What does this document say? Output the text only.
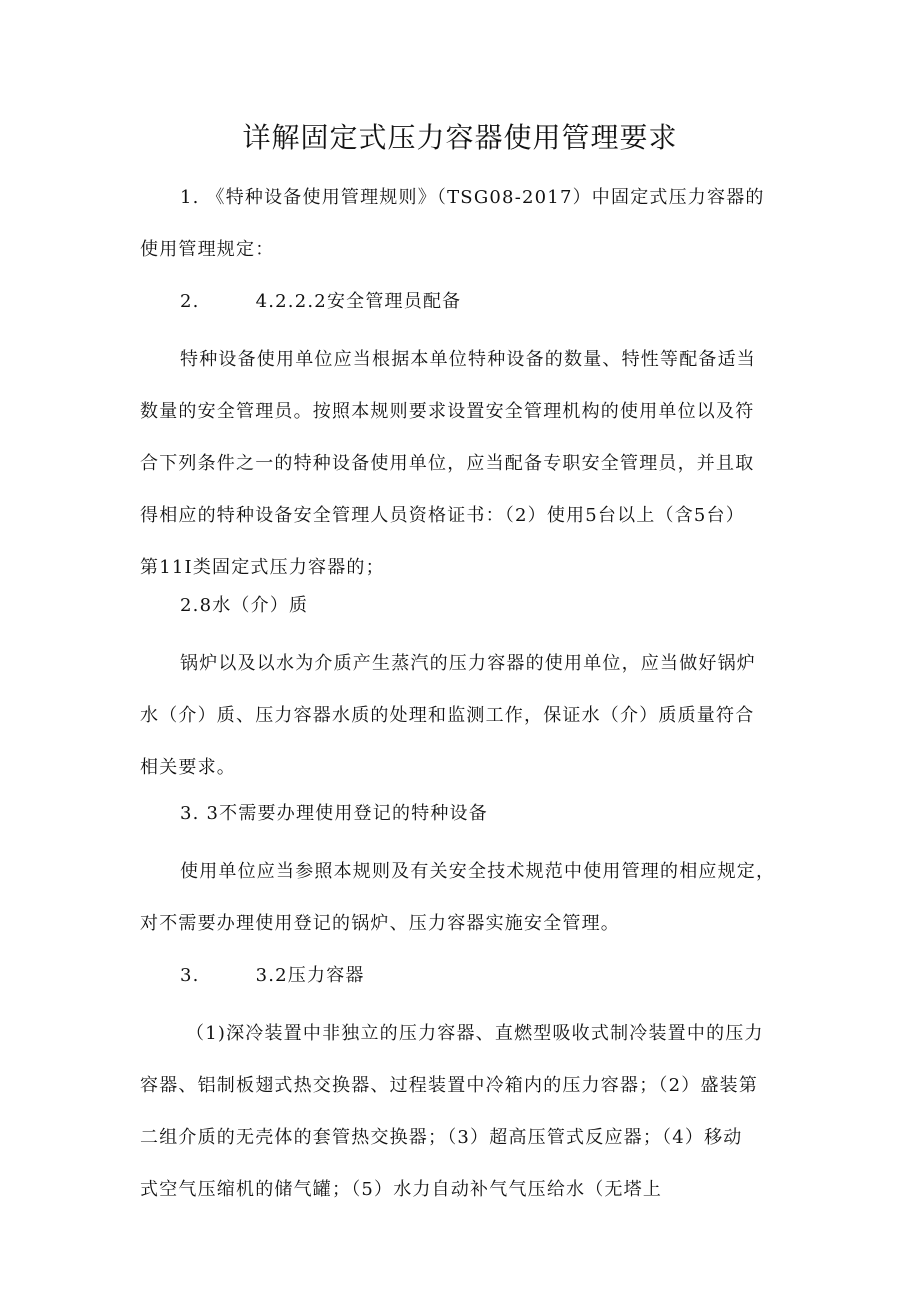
详解固定式压力容器使用管理要求
1. 《特种设备使用管理规则》（TSG08-2017）中固定式压力容器的
使用管理规定：
2.	4.2.2.2安全管理员配备
特种设备使用单位应当根据本单位特种设备的数量、特性等配备适当
数量的安全管理员。按照本规则要求设置安全管理机构的使用单位以及符
合下列条件之一的特种设备使用单位，应当配备专职安全管理员，并且取
得相应的特种设备安全管理人员资格证书：（2）使用5台以上（含5台）
第11I类固定式压力容器的；
2.8水（介）质
锅炉以及以水为介质产生蒸汽的压力容器的使用单位，应当做好锅炉
水（介）质、压力容器水质的处理和监测工作，保证水（介）质质量符合
相关要求。
3. 3不需要办理使用登记的特种设备
使用单位应当参照本规则及有关安全技术规范中使用管理的相应规定，
对不需要办理使用登记的锅炉、压力容器实施安全管理。
3.	3.2压力容器
（1)深冷装置中非独立的压力容器、直燃型吸收式制冷装置中的压力
容器、铝制板翅式热交换器、过程装置中冷箱内的压力容器；（2）盛装第
二组介质的无壳体的套管热交换器；（3）超高压管式反应器；（4）移动
式空气压缩机的储气罐；（5）水力自动补气气压给水（无塔上
